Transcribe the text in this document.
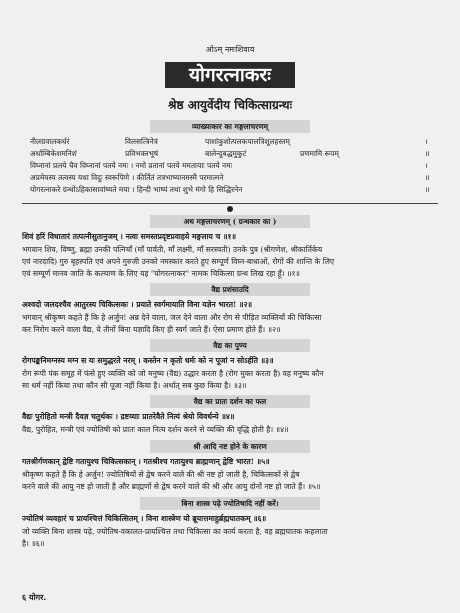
ओऽम् नमःशिवाय
योगरत्नाकरः
श्रेष्ठ आयुर्वेदीय चिकित्साग्रन्थः
व्याख्याकार का मङ्गलाचरणम्
नीलग्रवालकर्धरं	विलसत्त्रिनेत्रं	पाशांकुशोत्पलकपालत्रिशूलहस्तम्	।
अर्धाम्बिकेशमनिशं	प्रविभक्तभूषं	बालेन्दुबद्धमुकुटं	प्रणमामि रूपम्	॥
विघ्नानां प्रलये चैव विघ्नानां पतये नमः । नमो व्रतानां पतये ममतायाः पतये नमः	।
अप्रमेयस्य तत्वस्य यथा विदुः स्वरूपिणे । कीर्तितं तत्रभाष्यानमस्मै परमात्मने	॥
योगरत्नाकरे ग्रन्थोंऽहिकासावांष्यते मया । हिन्दी भाष्यं तथा शुभे मंगो हि सिद्धिरनेन	॥
अथ मङ्गलाचरणम् ( ग्रन्थकार का )
शिवं हरिं विधातारं तत्पत्नीसुतानुजम् । नत्वा समस्तप्रदृष्टप्रवाहये मङ्गलाय च ॥१॥
भगवान शिव, विष्णु, ब्रह्मा उनकी पत्नियाँ (माँ पार्वती, माँ लक्ष्मी, माँ सरस्वती) उनके पुत्र (श्रीगणेश, श्रीकार्तिकेय
एवं नारदादि) गुरु बृहस्पति एवं अपने गुरुजी उनको नमस्कार करते हुए सम्पूर्ण विघ्न-बाधाओं, रोगों की शान्ति के लिए
एवं सम्पूर्ण मानव जाति के कल्याण के लिए यह "योगरत्नाकर" नामक चिकित्सा ग्रन्थ लिख रहा हूँ। ॥१॥
वैद्य प्रशंसाउदि
अश्वदो जलदश्चैव आतुरस्य चिकित्सकः । प्रयाते स्वर्गमायाति विना यज्ञेन भारत! ॥२॥
भगवान् श्रीकृष्ण कहते हैं कि हे अर्जुन! अन्न देने वाला, जल देने वाला और रोग से पीड़ित व्यक्तियों की चिकित्सा
कर निरोग करने वाला वैद्य, ये तीनों बिना यज्ञादि किए ही स्वर्ग जाते हैं। ऐसा प्रमाण होते हैं। ॥२॥
वैद्य का पुण्य
रोगपङ्कनिमग्नस्य मग्न स यः समुद्धरते नरम् । कस्तेन न कृतो धर्मः को न पूजां न सोऽर्हति ॥३॥
रोग रूपी पंक समूह में फंसे हुए व्यक्ति को जो मनुष्य (वैद्य) उद्धार करता है (रोग मुक्त करता है) वह मनुष्य कौन
सा धर्म नहीं किया तथा कौन सी पूजा नहीं किया है। अर्थात् सब कुछ किया है। ॥३॥
वैद्य का प्रातः दर्शन का फल
वैद्यः पुरोहितो मन्त्री दैवज्ञ चतुर्थकः । द्रष्टव्याः प्रातरेवैते नित्यं श्रेयो विवर्धन्ये ॥४॥
वैद्य, पुरोहित, मन्त्री एवं ज्योतिषी को प्रातः काल नित्य दर्शन करने से व्यक्ति की वृद्धि होती है। ॥४॥
श्री आदि नष्ट होने के कारण
गतश्रीर्गणकान् द्वेष्टि गतायुश्च चिकित्सकान् । गतश्रीश्च गतायुश्च ब्राह्मणान् द्वेष्टि भारत! ॥५॥
श्रीकृष्ण कहते हैं कि हे अर्जुन! ज्योतिषियों से द्वेष करने वाले की श्री नष्ट हो जाती है, चिकित्सकों से द्वेष
करने वाले की आयु नष्ट हो जाती है और ब्राह्मणों से द्वेष करने वाले की श्री और आयु दोनों नष्ट हो जाते हैं। ॥५॥
बिना शास्त्र पढ़े ज्योतिषादि नहीं करें।
ज्योतिषं व्यवहारं च प्रायश्चित्तं चिकित्सितम् । विना शास्त्रेण यो ब्रूयात्तमाहुर्ब्रह्मघातकम् ॥६॥
जो व्यक्ति बिना शास्त्र पढ़े, ज्योतिष-वकालत-प्रायश्चित्त तथा चिकित्सा का कार्य करता है, वह ब्रह्मघातक कहलाता
है। ॥६॥
६ योगर.
